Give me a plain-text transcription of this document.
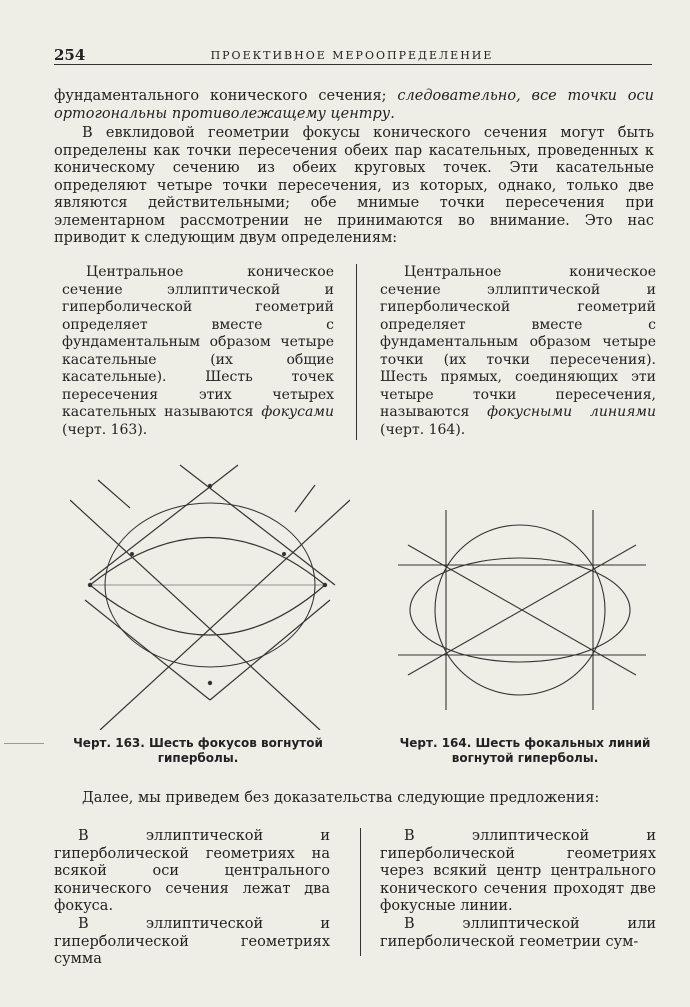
254	ПРОЕКТИВНОЕ МЕРООПРЕДЕЛЕНИЕ
фундаментального конического сечения; следовательно, все точки оси ортогональны противолежащему центру.
В евклидовой геометрии фокусы конического сечения могут быть определены как точки пересечения обеих пар касательных, проведенных к коническому сечению из обеих круговых точек. Эти касательные определяют четыре точки пересечения, из которых, однако, только две являются действительными; обе мнимые точки пересечения при элементарном рассмотрении не принимаются во внимание. Это нас приводит к следующим двум определениям:
Центральное коническое сечение эллиптической и гиперболической геометрий определяет вместе с фундаментальным образом четыре касательные (их общие касательные). Шесть точек пересечения этих четырех касательных называются фокусами (черт. 163).
Центральное коническое сечение эллиптической и гиперболической геометрий определяет вместе с фундаментальным образом четыре точки (их точки пересечения). Шесть прямых, соединяющих эти четыре точки пересечения, называются фокусными линиями (черт. 164).
Черт. 163. Шесть фокусов вогнутой гиперболы.
Черт. 164. Шесть фокальных линий вогнутой гиперболы.
Далее, мы приведем без доказательства следующие предложения:
В эллиптической и гиперболической геометриях на всякой оси центрального конического сечения лежат два фокуса.
В эллиптической и гиперболической геометриях сумма
В эллиптической и гиперболической геометриях через всякий центр центрального конического сечения проходят две фокусные линии.
В эллиптической или гиперболической геометрии сум-
